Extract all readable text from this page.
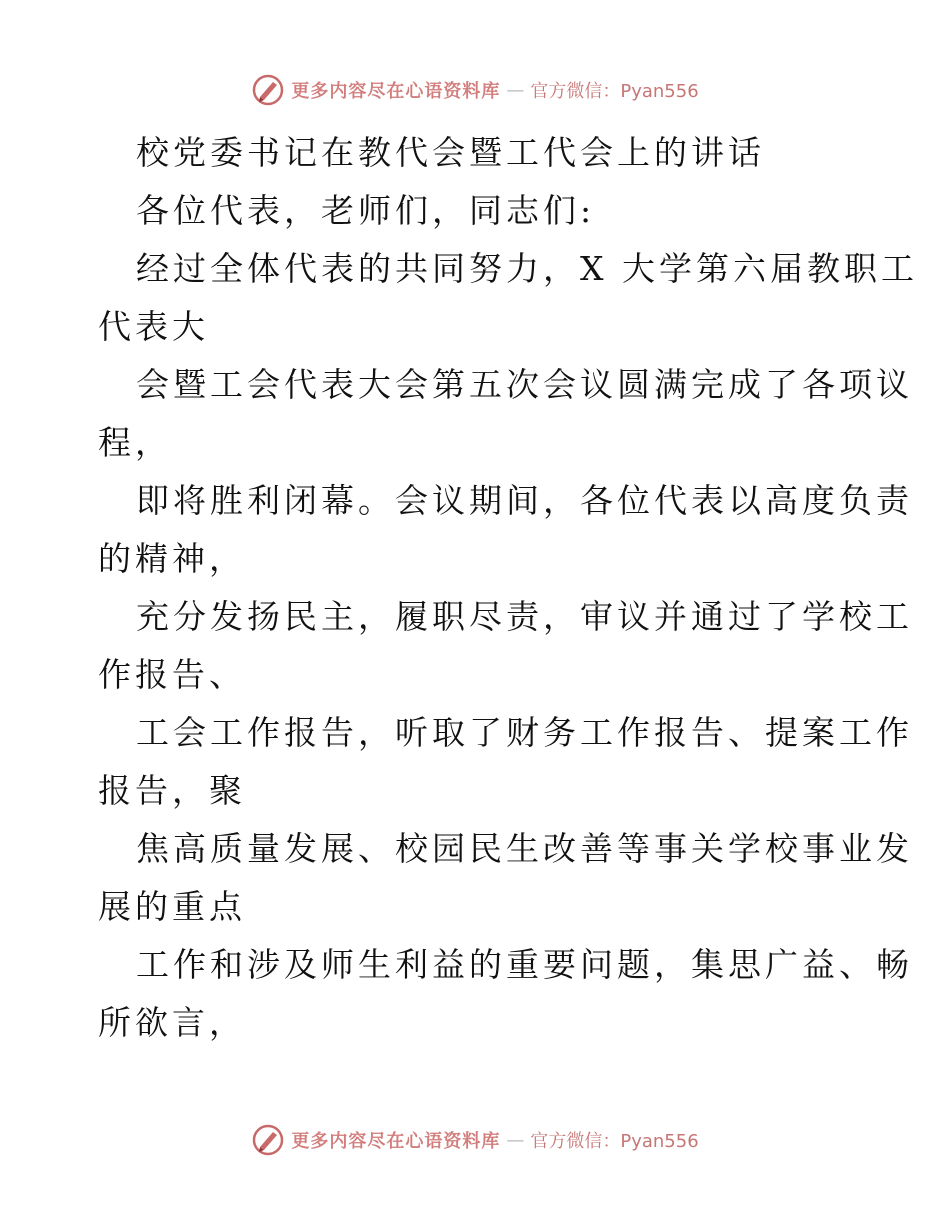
更多内容尽在心语资料库 — 官方微信：Pyan556
校党委书记在教代会暨工代会上的讲话
各位代表，老师们，同志们:
经过全体代表的共同努力，X 大学第六届教职工
代表大
会暨工会代表大会第五次会议圆满完成了各项议
程，
即将胜利闭幕。会议期间，各位代表以高度负责
的精神，
充分发扬民主，履职尽责，审议并通过了学校工
作报告、
工会工作报告，听取了财务工作报告、提案工作
报告，聚
焦高质量发展、校园民生改善等事关学校事业发
展的重点
工作和涉及师生利益的重要问题，集思广益、畅
所欲言，
更多内容尽在心语资料库 — 官方微信：Pyan556
